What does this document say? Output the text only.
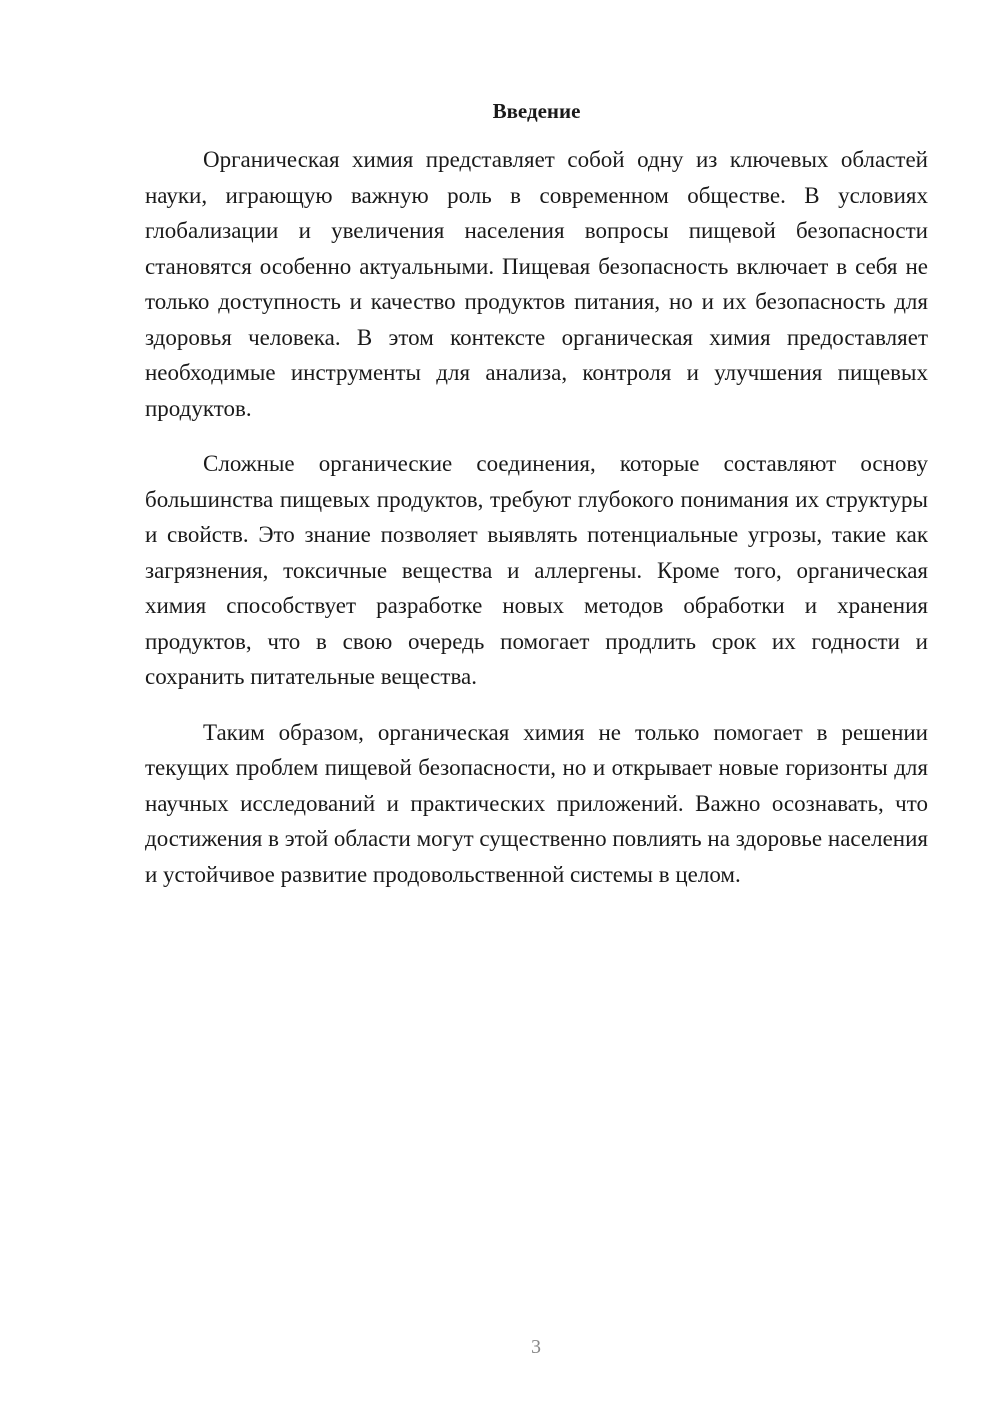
Введение

Органическая химия представляет собой одну из ключевых областей науки, играющую важную роль в современном обществе. В условиях глобализации и увеличения населения вопросы пищевой безопасности становятся особенно актуальными. Пищевая безопасность включает в себя не только доступность и качество продуктов питания, но и их безопасность для здоровья человека. В этом контексте органическая химия предоставляет необходимые инструменты для анализа, контроля и улучшения пищевых продуктов.

Сложные органические соединения, которые составляют основу большинства пищевых продуктов, требуют глубокого понимания их структуры и свойств. Это знание позволяет выявлять потенциальные угрозы, такие как загрязнения, токсичные вещества и аллергены. Кроме того, органическая химия способствует разработке новых методов обработки и хранения продуктов, что в свою очередь помогает продлить срок их годности и сохранить питательные вещества.

Таким образом, органическая химия не только помогает в решении текущих проблем пищевой безопасности, но и открывает новые горизонты для научных исследований и практических приложений. Важно осознавать, что достижения в этой области могут существенно повлиять на здоровье населения и устойчивое развитие продовольственной системы в целом.

3
